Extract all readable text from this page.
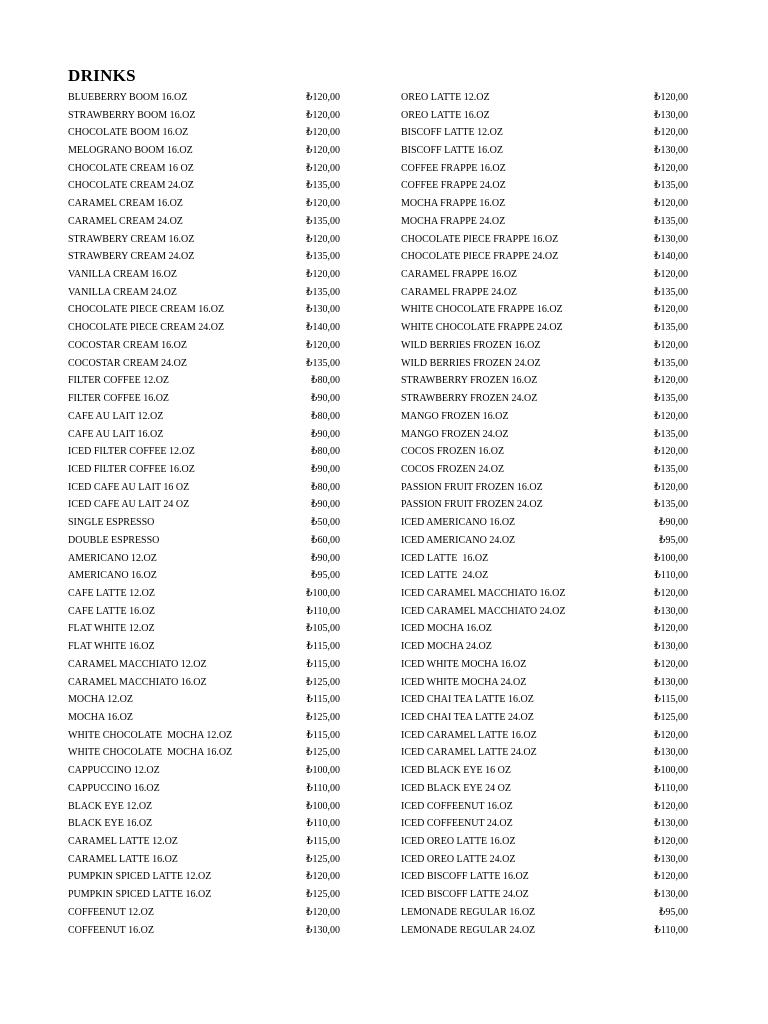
DRINKS
BLUEBERRY BOOM 16.OZ	₺120,00
STRAWBERRY BOOM 16.OZ	₺120,00
CHOCOLATE BOOM 16.OZ	₺120,00
MELOGRANO BOOM 16.OZ	₺120,00
CHOCOLATE CREAM 16 OZ	₺120,00
CHOCOLATE CREAM 24.OZ	₺135,00
CARAMEL CREAM 16.OZ	₺120,00
CARAMEL CREAM 24.OZ	₺135,00
STRAWBERY CREAM 16.OZ	₺120,00
STRAWBERY CREAM 24.OZ	₺135,00
VANILLA CREAM 16.OZ	₺120,00
VANILLA CREAM 24.OZ	₺135,00
CHOCOLATE PIECE CREAM 16.OZ	₺130,00
CHOCOLATE PIECE CREAM 24.OZ	₺140,00
COCOSTAR CREAM 16.OZ	₺120,00
COCOSTAR CREAM 24.OZ	₺135,00
FILTER COFFEE 12.OZ	₺80,00
FILTER COFFEE 16.OZ	₺90,00
CAFE AU LAIT 12.OZ	₺80,00
CAFE AU LAIT 16.OZ	₺90,00
ICED FILTER COFFEE 12.OZ	₺80,00
ICED FILTER COFFEE 16.OZ	₺90,00
ICED CAFE AU LAIT 16 OZ	₺80,00
ICED CAFE AU LAIT 24 OZ	₺90,00
SINGLE ESPRESSO	₺50,00
DOUBLE ESPRESSO	₺60,00
AMERICANO 12.OZ	₺90,00
AMERICANO 16.OZ	₺95,00
CAFE LATTE 12.OZ	₺100,00
CAFE LATTE 16.OZ	₺110,00
FLAT WHITE 12.OZ	₺105,00
FLAT WHITE 16.OZ	₺115,00
CARAMEL MACCHIATO 12.OZ	₺115,00
CARAMEL MACCHIATO 16.OZ	₺125,00
MOCHA 12.OZ	₺115,00
MOCHA 16.OZ	₺125,00
WHITE CHOCOLATE  MOCHA 12.OZ	₺115,00
WHITE CHOCOLATE  MOCHA 16.OZ	₺125,00
CAPPUCCINO 12.OZ	₺100,00
CAPPUCCINO 16.OZ	₺110,00
BLACK EYE 12.OZ	₺100,00
BLACK EYE 16.OZ	₺110,00
CARAMEL LATTE 12.OZ	₺115,00
CARAMEL LATTE 16.OZ	₺125,00
PUMPKIN SPICED LATTE 12.OZ	₺120,00
PUMPKIN SPICED LATTE 16.OZ	₺125,00
COFFEENUT 12.OZ	₺120,00
COFFEENUT 16.OZ	₺130,00
OREO LATTE 12.OZ	₺120,00
OREO LATTE 16.OZ	₺130,00
BISCOFF LATTE 12.OZ	₺120,00
BISCOFF LATTE 16.OZ	₺130,00
COFFEE FRAPPE 16.OZ	₺120,00
COFFEE FRAPPE 24.OZ	₺135,00
MOCHA FRAPPE 16.OZ	₺120,00
MOCHA FRAPPE 24.OZ	₺135,00
CHOCOLATE PIECE FRAPPE 16.OZ	₺130,00
CHOCOLATE PIECE FRAPPE 24.OZ	₺140,00
CARAMEL FRAPPE 16.OZ	₺120,00
CARAMEL FRAPPE 24.OZ	₺135,00
WHITE CHOCOLATE FRAPPE 16.OZ	₺120,00
WHITE CHOCOLATE FRAPPE 24.OZ	₺135,00
WILD BERRIES FROZEN 16.OZ	₺120,00
WILD BERRIES FROZEN 24.OZ	₺135,00
STRAWBERRY FROZEN 16.OZ	₺120,00
STRAWBERRY FROZEN 24.OZ	₺135,00
MANGO FROZEN 16.OZ	₺120,00
MANGO FROZEN 24.OZ	₺135,00
COCOS FROZEN 16.OZ	₺120,00
COCOS FROZEN 24.OZ	₺135,00
PASSİON FRUİT FROZEN 16.OZ	₺120,00
PASSİON FRUİT FROZEN 24.OZ	₺135,00
ICED AMERICANO 16.OZ	₺90,00
ICED AMERICANO 24.OZ	₺95,00
ICED LATTE  16.OZ	₺100,00
ICED LATTE  24.OZ	₺110,00
ICED CARAMEL MACCHIATO 16.OZ	₺120,00
ICED CARAMEL MACCHIATO 24.OZ	₺130,00
ICED MOCHA 16.OZ	₺120,00
ICED MOCHA 24.OZ	₺130,00
ICED WHITE MOCHA 16.OZ	₺120,00
ICED WHITE MOCHA 24.OZ	₺130,00
ICED CHAI TEA LATTE 16.OZ	₺115,00
ICED CHAI TEA LATTE 24.OZ	₺125,00
ICED CARAMEL LATTE 16.OZ	₺120,00
ICED CARAMEL LATTE 24.OZ	₺130,00
ICED BLACK EYE 16 OZ	₺100,00
ICED BLACK EYE 24 OZ	₺110,00
ICED COFFEENUT 16.OZ	₺120,00
ICED COFFEENUT 24.OZ	₺130,00
ICED OREO LATTE 16.OZ	₺120,00
ICED OREO LATTE 24.OZ	₺130,00
ICED BISCOFF LATTE 16.OZ	₺120,00
ICED BISCOFF LATTE 24.OZ	₺130,00
LEMONADE REGULAR 16.OZ	₺95,00
LEMONADE REGULAR 24.OZ	₺110,00
